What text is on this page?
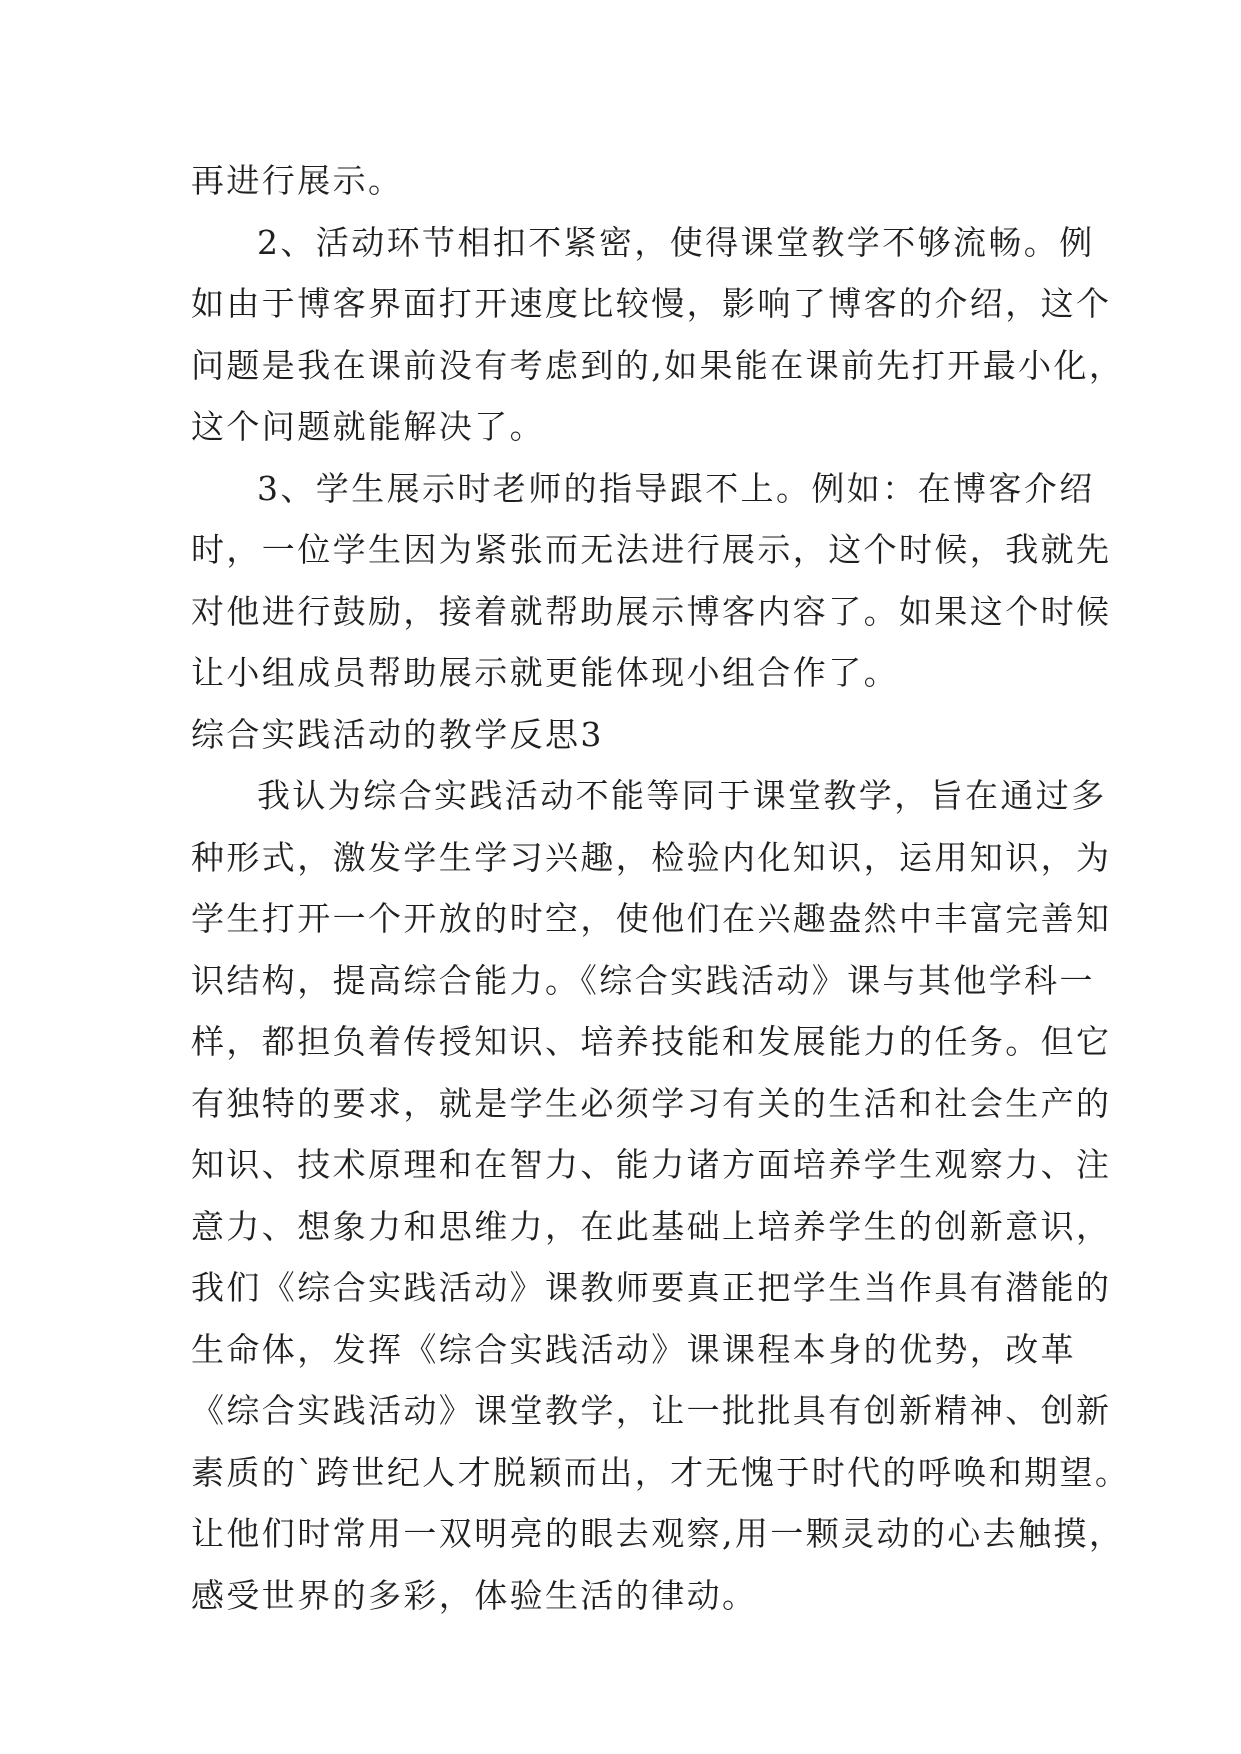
再进行展示。
2、活动环节相扣不紧密，使得课堂教学不够流畅。例
如由于博客界面打开速度比较慢，影响了博客的介绍，这个
问题是我在课前没有考虑到的,如果能在课前先打开最小化，
这个问题就能解决了。
3、学生展示时老师的指导跟不上。例如：在博客介绍
时，一位学生因为紧张而无法进行展示，这个时候，我就先
对他进行鼓励，接着就帮助展示博客内容了。如果这个时候
让小组成员帮助展示就更能体现小组合作了。
综合实践活动的教学反思3
我认为综合实践活动不能等同于课堂教学，旨在通过多
种形式，激发学生学习兴趣，检验内化知识，运用知识，为
学生打开一个开放的时空，使他们在兴趣盎然中丰富完善知
识结构，提高综合能力。《综合实践活动》课与其他学科一
样，都担负着传授知识、培养技能和发展能力的任务。但它
有独特的要求，就是学生必须学习有关的生活和社会生产的
知识、技术原理和在智力、能力诸方面培养学生观察力、注
意力、想象力和思维力，在此基础上培养学生的创新意识，
我们《综合实践活动》课教师要真正把学生当作具有潜能的
生命体，发挥《综合实践活动》课课程本身的优势，改革
《综合实践活动》课堂教学，让一批批具有创新精神、创新
素质的`跨世纪人才脱颖而出，才无愧于时代的呼唤和期望。
让他们时常用一双明亮的眼去观察,用一颗灵动的心去触摸，
感受世界的多彩，体验生活的律动。
